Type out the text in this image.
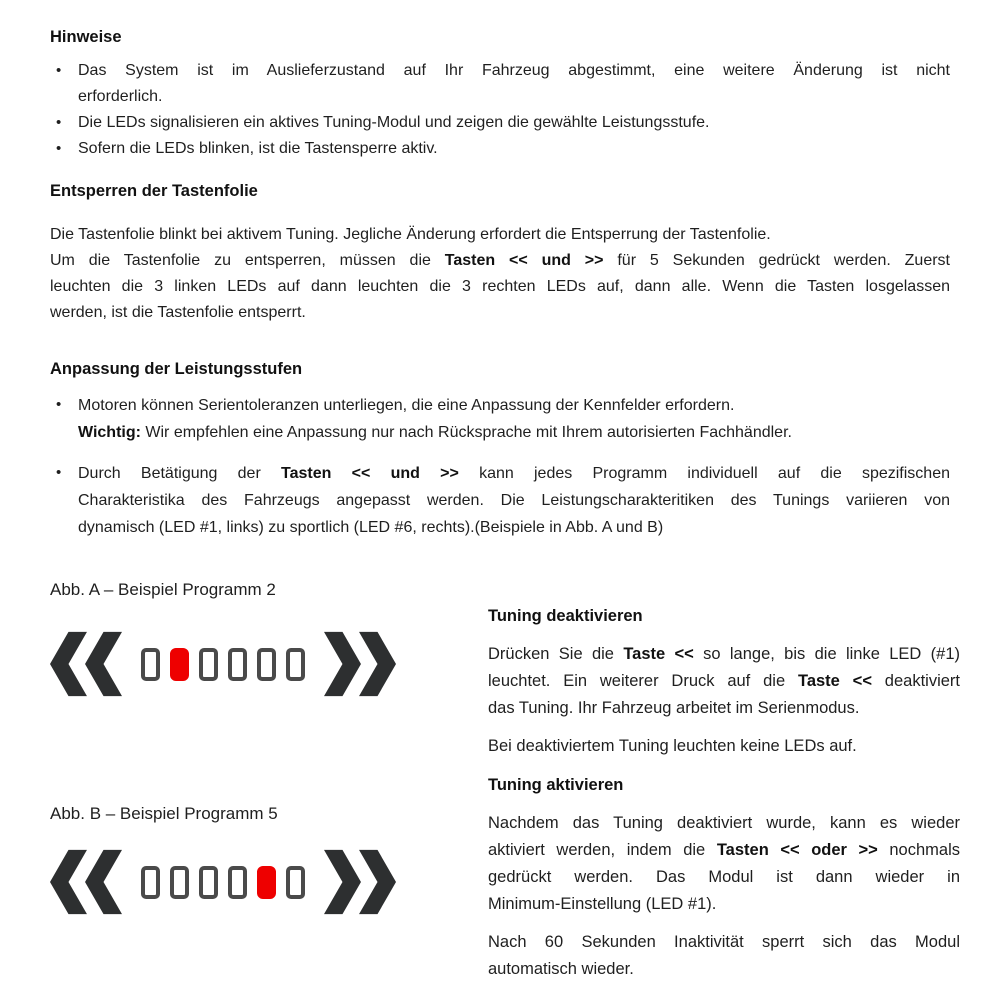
Hinweise
•	Das System ist im Auslieferzustand auf Ihr Fahrzeug abgestimmt, eine weitere Änderung ist nicht
erforderlich.
•	Die LEDs signalisieren ein aktives Tuning-Modul und zeigen die gewählte Leistungsstufe.
•	Sofern die LEDs blinken, ist die Tastensperre aktiv.
Entsperren der Tastenfolie
Die Tastenfolie blinkt bei aktivem Tuning. Jegliche Änderung erfordert die Entsperrung der Tastenfolie.
Um die Tastenfolie zu entsperren, müssen die Tasten << und >> für 5 Sekunden gedrückt werden. Zuerst
leuchten die 3 linken LEDs auf dann leuchten die 3 rechten LEDs auf, dann alle. Wenn die Tasten losgelassen
werden, ist die Tastenfolie entsperrt.
Anpassung der Leistungsstufen
•	Motoren können Serientoleranzen unterliegen, die eine Anpassung der Kennfelder erfordern.
Wichtig: Wir empfehlen eine Anpassung nur nach Rücksprache mit Ihrem autorisierten Fachhändler.
•	Durch Betätigung der Tasten << und >> kann jedes Programm individuell auf die spezifischen
Charakteristika des Fahrzeugs angepasst werden. Die Leistungscharakteritiken des Tunings variieren von
dynamisch (LED #1, links) zu sportlich (LED #6, rechts).(Beispiele in Abb. A und B)
Abb. A – Beispiel Programm 2
Abb. B – Beispiel Programm 5
Tuning deaktivieren
Drücken Sie die Taste << so lange, bis die linke LED (#1)
leuchtet. Ein weiterer Druck auf die Taste << deaktiviert
das Tuning. Ihr Fahrzeug arbeitet im Serienmodus.
Bei deaktiviertem Tuning leuchten keine LEDs auf.
Tuning aktivieren
Nachdem das Tuning deaktiviert wurde, kann es wieder
aktiviert werden, indem die Tasten << oder >> nochmals
gedrückt werden. Das Modul ist dann wieder in
Minimum-Einstellung (LED #1).
Nach 60 Sekunden Inaktivität sperrt sich das Modul
automatisch wieder.
